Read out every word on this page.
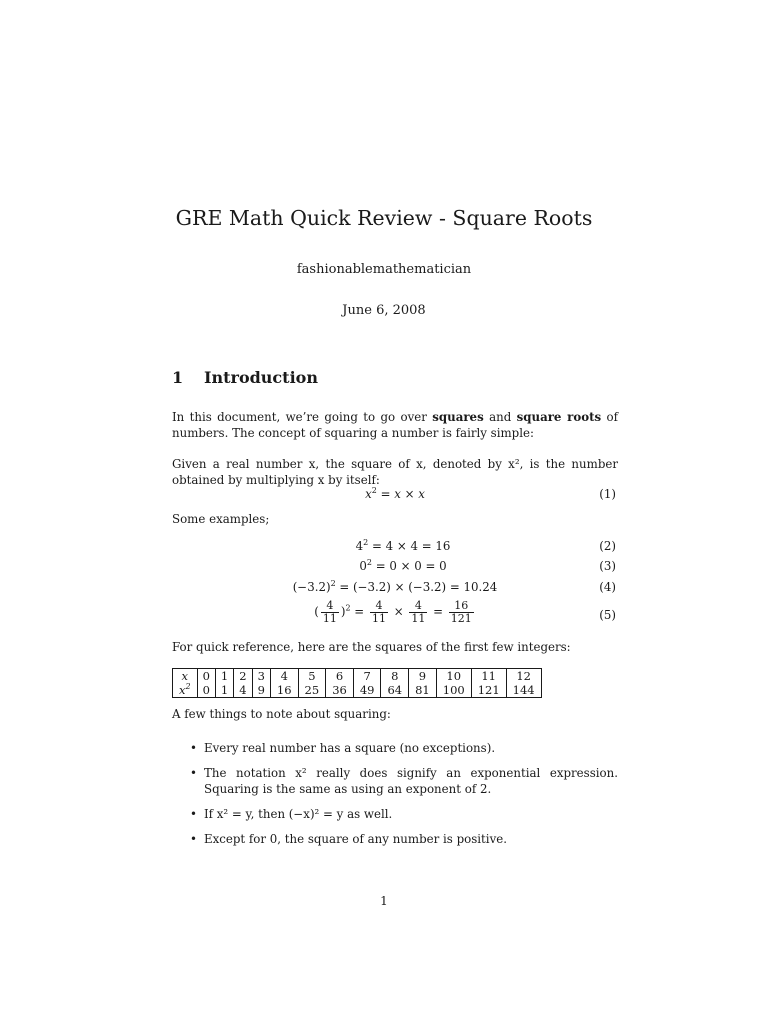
GRE Math Quick Review - Square Roots
fashionablemathematician
June 6, 2008
1 Introduction
In this document, we’re going to go over squares and square roots of numbers. The concept of squaring a number is fairly simple:
Given a real number x, the square of x, denoted by x², is the number obtained by multiplying x by itself:
$x^2 = x \times x$	(1)
Some examples;
$4^2 = 4 \times 4 = 16$	(2)
$0^2 = 0 \times 0 = 0$	(3)
$(-3.2)^2 = (-3.2) \times (-3.2) = 10.24$	(4)
( $\frac{4}{11} )^2 = \frac{4}{11} \times \frac{4}{11} = \frac{16}{121}$	(5)
For quick reference, here are the squares of the first few integers:
x	0	1	2	3	4	5	6	7	8	9	10	11	12
$x^2$	0	1	4	9	16	25	36	49	64	81	100	121	144
A few things to note about squaring:
• Every real number has a square (no exceptions).
• The notation x² really does signify an exponential expression. Squaring is the same as using an exponent of 2.
• If x² = y, then (−x)² = y as well.
• Except for 0, the square of any number is positive.
1
